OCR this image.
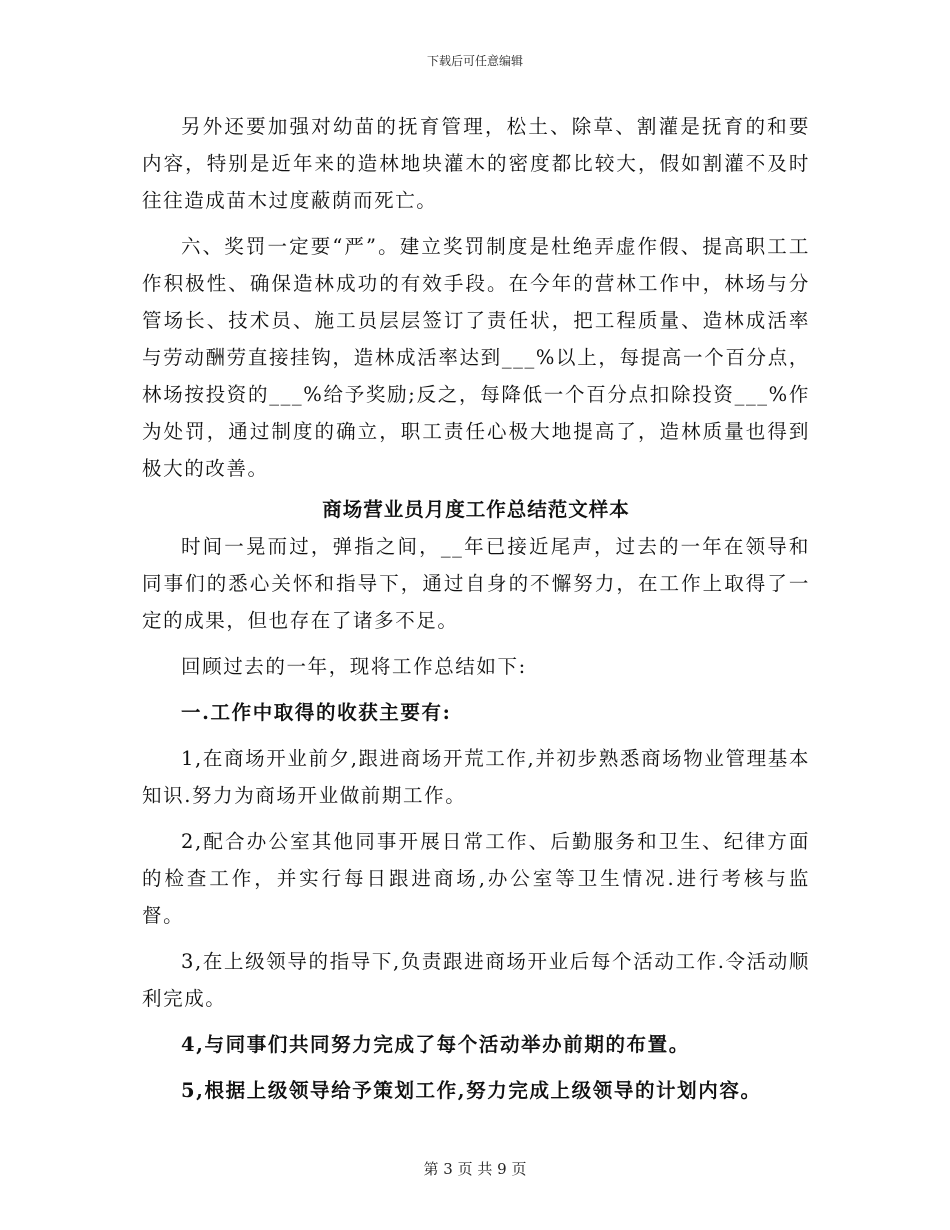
下载后可任意编辑

另外还要加强对幼苗的抚育管理，松土、除草、割灌是抚育的和要内容，特别是近年来的造林地块灌木的密度都比较大，假如割灌不及时往往造成苗木过度蔽荫而死亡。

六、奖罚一定要“严”。建立奖罚制度是杜绝弄虚作假、提高职工工作积极性、确保造林成功的有效手段。在今年的营林工作中，林场与分管场长、技术员、施工员层层签订了责任状，把工程质量、造林成活率与劳动酬劳直接挂钩，造林成活率达到___%以上，每提高一个百分点，林场按投资的___%给予奖励;反之，每降低一个百分点扣除投资___%作为处罚，通过制度的确立，职工责任心极大地提高了，造林质量也得到极大的改善。

商场营业员月度工作总结范文样本

时间一晃而过，弹指之间，__年已接近尾声，过去的一年在领导和同事们的悉心关怀和指导下，通过自身的不懈努力，在工作上取得了一定的成果，但也存在了诸多不足。

回顾过去的一年，现将工作总结如下:

一.工作中取得的收获主要有:

1,在商场开业前夕,跟进商场开荒工作,并初步熟悉商场物业管理基本知识.努力为商场开业做前期工作。

2,配合办公室其他同事开展日常工作、后勤服务和卫生、纪律方面的检查工作，并实行每日跟进商场,办公室等卫生情况.进行考核与监督。

3,在上级领导的指导下,负责跟进商场开业后每个活动工作.令活动顺利完成。

4,与同事们共同努力完成了每个活动举办前期的布置。

5,根据上级领导给予策划工作,努力完成上级领导的计划内容。

第 3 页 共 9 页
